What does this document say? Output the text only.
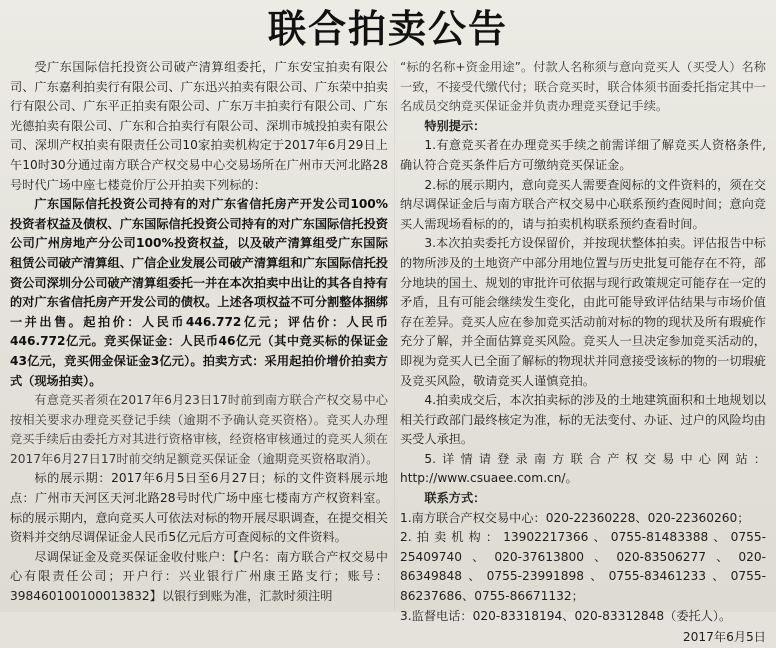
联合拍卖公告

受广东国际信托投资公司破产清算组委托，广东安宝拍卖有限公司、广东嘉利拍卖行有限公司、广东迅兴拍卖有限公司、广东荣中拍卖行有限公司、广东平正拍卖有限公司、广东万丰拍卖行有限公司、广东光德拍卖有限公司、广东和合拍卖行有限公司、深圳市城投拍卖有限公司、深圳产权拍卖有限责任公司10家拍卖机构定于2017年6月29日上午10时30分通过南方联合产权交易中心交易场所在广州市天河北路28号时代广场中座七楼竞价厅公开拍卖下列标的：

广东国际信托投资公司持有的对广东省信托房产开发公司100%投资者权益及债权、广东国际信托投资公司持有的对广东国际信托投资公司广州房地产分公司100%投资权益，以及破产清算组受广东国际租赁公司破产清算组、广信企业发展公司破产清算组和广东国际信托投资公司深圳分公司破产清算组委托一并在本次拍卖中出让的其各自持有的对广东省信托房产开发公司的债权。上述各项权益不可分割整体捆绑一并出售。起拍价：人民币446.772亿元；评估价：人民币446.772亿元。竞买保证金：人民币46亿元（其中竞买标的保证金43亿元，竞买佣金保证金3亿元）。拍卖方式：采用起拍价增价拍卖方式（现场拍卖）。

有意竞买者须在2017年6月23日17时前到南方联合产权交易中心按相关要求办理竞买登记手续（逾期不予确认竞买资格）。竞买人办理竞买手续后由委托方对其进行资格审核，经资格审核通过的竞买人须在2017年6月27日17时前交纳足额竞买保证金（逾期竞买资格取消）。

标的展示期：2017年6月5日至6月27日；标的文件资料展示地点：广州市天河区天河北路28号时代广场中座七楼南方产权资料室。标的展示期内，意向竞买人可依法对标的物开展尽职调查，在提交相关资料并交纳尽调保证金人民币5亿元后方可查阅标的文件资料。

尽调保证金及竞买保证金收付账户：【户名：南方联合产权交易中心有限责任公司；开户行：兴业银行广州康王路支行；账号：398460100100013832】以银行到账为准，汇款时须注明

“标的名称+资金用途”。付款人名称须与意向竞买人（买受人）名称一致，不接受代缴代付；联合竞买时，联合体须书面委托指定其中一名成员交纳竞买保证金并负责办理竞买登记手续。

特别提示：

1.有意竞买者在办理竞买手续之前需详细了解竞买人资格条件,确认符合竞买条件后方可缴纳竞买保证金。

2.标的展示期内，意向竞买人需要查阅标的文件资料的，须在交纳尽调保证金后与南方联合产权交易中心联系预约查阅时间；意向竞买人需现场看标的的，请与拍卖机构联系预约查看时间。

3.本次拍卖委托方设保留价，并按现状整体拍卖。评估报告中标的物所涉及的土地资产中部分用地位置与历史批复可能存在不符，部分地块的国土、规划的审批许可依据与现行政策规定可能存在一定的矛盾，且有可能会继续发生变化，由此可能导致评估结果与市场价值存在差异。竞买人应在参加竞买活动前对标的物的现状及所有瑕疵作充分了解，并全面估算竞买风险。竞买人一旦决定参加竞买活动的，即视为竞买人已全面了解标的物现状并同意接受该标的物的一切瑕疵及竞买风险，敬请竞买人谨慎竞拍。

4.拍卖成交后，本次拍卖标的涉及的土地建筑面积和土地规划以相关行政部门最终核定为准，标的无法变付、办证、过户的风险均由买受人承担。

5.详情请登录南方联合产权交易中心网站：http://www.csuaee.com.cn/。

联系方式：

1.南方联合产权交易中心：020-22360228、020-22360260；

2.拍卖机构：13902217366、0755-81483388、0755-25409740、020-37613800、020-83506277、020-86349848、0755-23991898、0755-83461233、0755-86237686、0755-86671132；

3.监督电话：020-83318194、020-83312848（委托人）。

2017年6月5日
